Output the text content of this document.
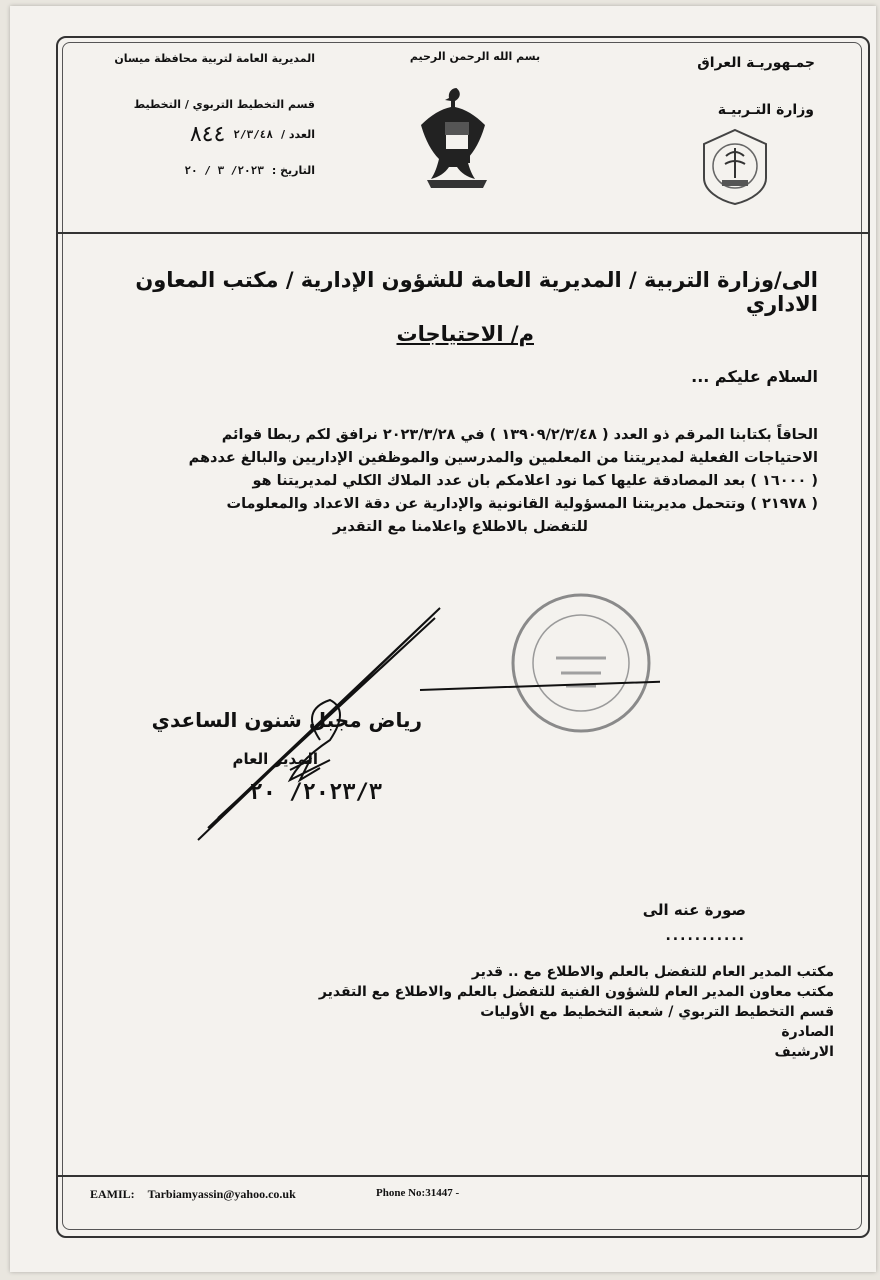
بسم الله الرحمن الرحيم	جمـهوريـة العراق
وزارة التـربيـة
المديرية العامة لتربية محافظة ميسان
قسم التخطيط التربوي / التخطيط
العدد /
٢/٣/٤٨
٨٤٤
التاريخ :
٢٠٢٣/ ٣ / ٢٠
الى/وزارة التربية / المديرية العامة للشؤون الإدارية / مكتب المعاون الاداري
م/ الاحتياجات
السلام عليكم ...
الحاقاً بكتابنا المرقم ذو العدد ( ١٣٩٠٩/٢/٣/٤٨ ) في ٢٠٢٣/٣/٢٨ نرافق لكم ربطا قوائم
الاحتياجات الفعلية لمديريتنا من المعلمين والمدرسين والموظفين الإداريين والبالغ عددهم
( ١٦٠٠٠ ) بعد المصادقة عليها كما نود اعلامكم بان عدد الملاك الكلي لمديريتنا هو
( ٢١٩٧٨ ) وتتحمل مديريتنا المسؤولية القانونية والإدارية عن دقة الاعداد والمعلومات
للتفضل بالاطلاع واعلامنا مع التقدير
رياض مجبل شنون الساعدي
المدير العام
٢٠٢٣/٣/ ٢٠
صورة عنه الى
...........
مكتب المدير العام للتفضل بالعلم والاطلاع مع .. قدير
مكتب معاون المدير العام للشؤون الفنية للتفضل بالعلم والاطلاع مع التقدير
قسم التخطيط التربوي / شعبة التخطيط مع الأوليات
الصادرة
الارشيف
EAMIL: Tarbiamyassin@yahoo.co.uk	Phone No:31447 -
